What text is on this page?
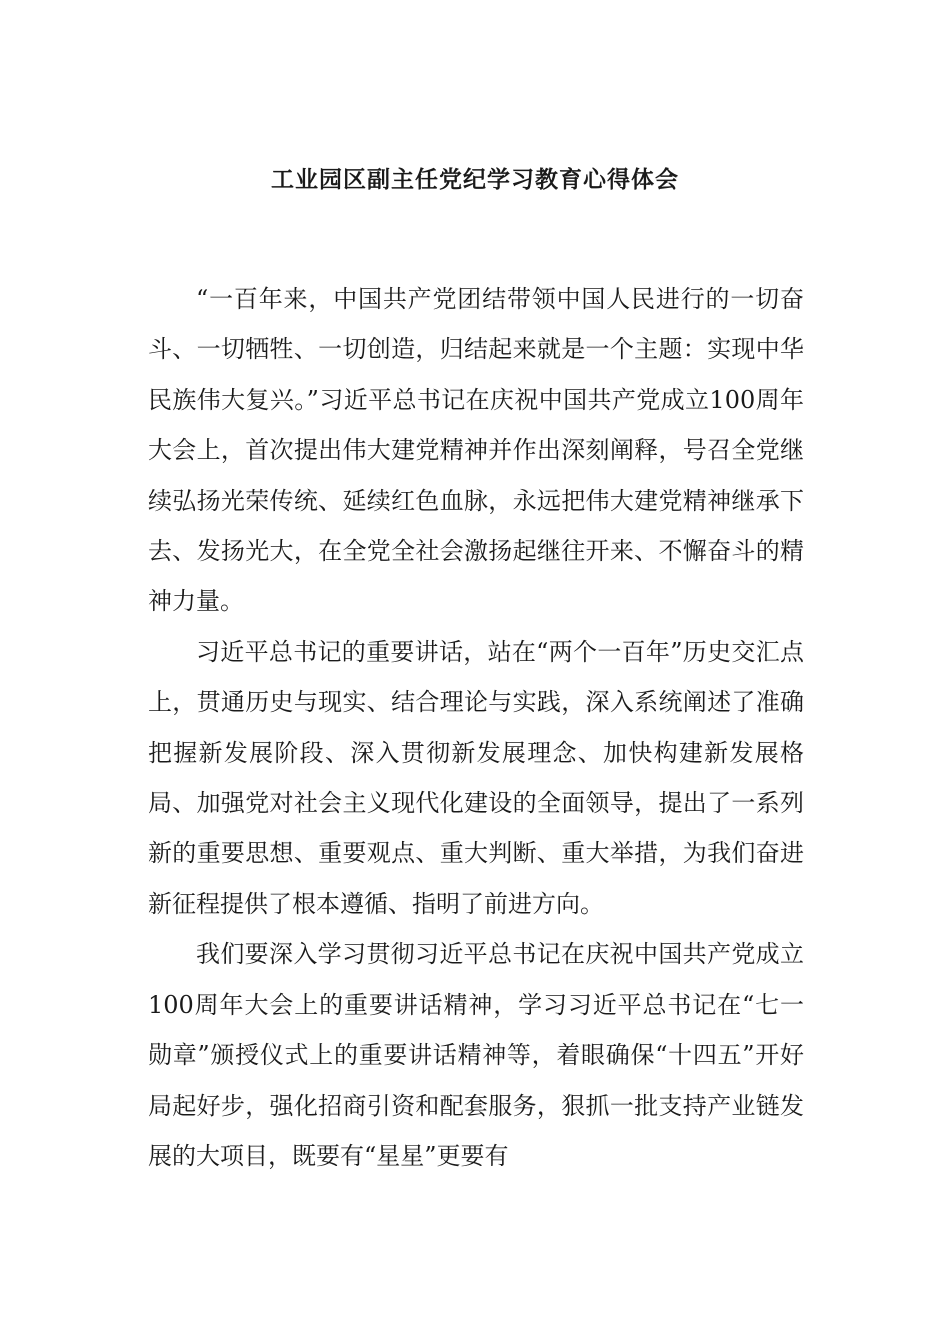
工业园区副主任党纪学习教育心得体会

“一百年来，中国共产党团结带领中国人民进行的一切奋斗、一切牺牲、一切创造，归结起来就是一个主题：实现中华民族伟大复兴。”习近平总书记在庆祝中国共产党成立100周年大会上，首次提出伟大建党精神并作出深刻阐释，号召全党继续弘扬光荣传统、延续红色血脉，永远把伟大建党精神继承下去、发扬光大，在全党全社会激扬起继往开来、不懈奋斗的精神力量。

习近平总书记的重要讲话，站在“两个一百年”历史交汇点上，贯通历史与现实、结合理论与实践，深入系统阐述了准确把握新发展阶段、深入贯彻新发展理念、加快构建新发展格局、加强党对社会主义现代化建设的全面领导，提出了一系列新的重要思想、重要观点、重大判断、重大举措，为我们奋进新征程提供了根本遵循、指明了前进方向。

我们要深入学习贯彻习近平总书记在庆祝中国共产党成立100周年大会上的重要讲话精神，学习习近平总书记在“七一勋章”颁授仪式上的重要讲话精神等，着眼确保“十四五”开好局起好步，强化招商引资和配套服务，狠抓一批支持产业链发展的大项目，既要有“星星”更要有
